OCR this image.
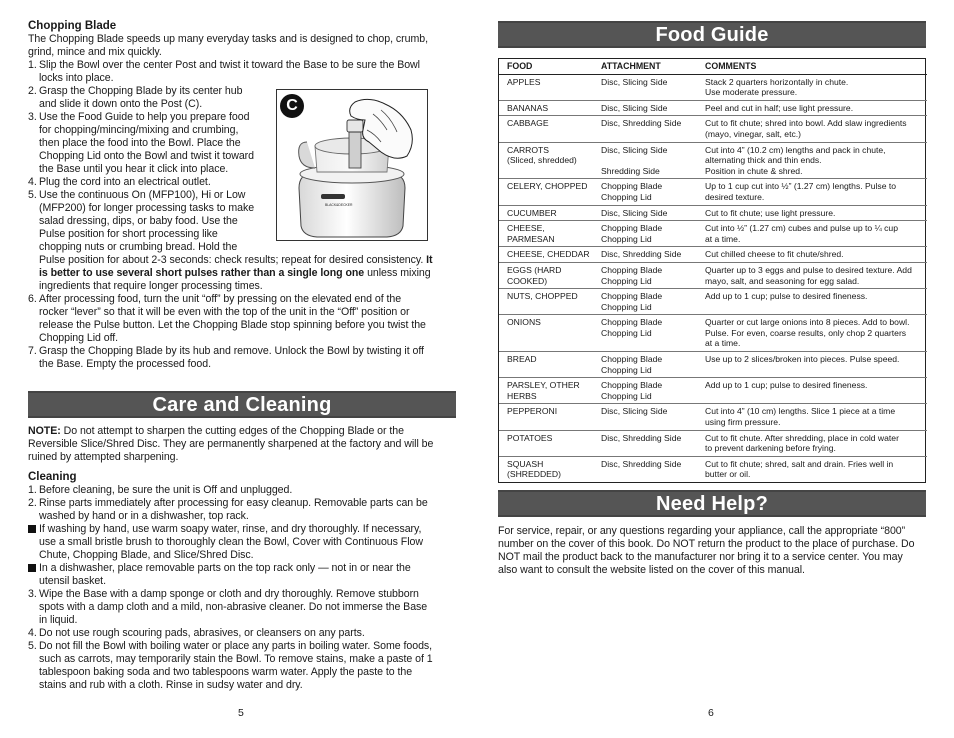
Chopping Blade
The Chopping Blade speeds up many everyday tasks and is designed to chop, crumb, grind, mince and mix quickly.
1. Slip the Bowl over the center Post and twist it toward the Base to be sure the Bowl
locks into place.
2. Grasp the Chopping Blade by its center hub
and slide it down onto the Post (C).
3. Use the Food Guide to help you prepare food
for chopping/mincing/mixing and crumbing,
then place the food into the Bowl. Place the
Chopping Lid onto the Bowl and twist it toward
the Base until you hear it click into place.
4. Plug the cord into an electrical outlet.
5. Use the continuous On (MFP100), Hi or Low
(MFP200) for longer processing tasks to make
salad dressing, dips, or baby food. Use the
Pulse position for short processing like
chopping nuts or crumbing bread. Hold the
Pulse position for about 2-3 seconds: check results; repeat for desired consistency. It
is better to use several short pulses rather than a single long one unless mixing
ingredients that require longer processing times.
6. After processing food, turn the unit “off” by pressing on the elevated end of the
rocker “lever” so that it will be even with the top of the unit in the “Off” position or
release the Pulse button. Let the Chopping Blade stop spinning before you twist the
Chopping Lid off.
7. Grasp the Chopping Blade by its hub and remove. Unlock the Bowl by twisting it off
the Base. Empty the processed food.
C
BLACK&DECKER
Care and Cleaning
NOTE: Do not attempt to sharpen the cutting edges of the Chopping Blade or the Reversible Slice/Shred Disc. They are permanently sharpened at the factory and will be ruined by attempted sharpening.
Cleaning
1. Before cleaning, be sure the unit is Off and unplugged.
2. Rinse parts immediately after processing for easy cleanup. Removable parts can be
washed by hand or in a dishwasher, top rack.
If washing by hand, use warm soapy water, rinse, and dry thoroughly. If necessary,
use a small bristle brush to thoroughly clean the Bowl, Cover with Continuous Flow
Chute, Chopping Blade, and Slice/Shred Disc.
In a dishwasher, place removable parts on the top rack only — not in or near the
utensil basket.
3. Wipe the Base with a damp sponge or cloth and dry thoroughly. Remove stubborn
spots with a damp cloth and a mild, non-abrasive cleaner. Do not immerse the Base
in liquid.
4. Do not use rough scouring pads, abrasives, or cleansers on any parts.
5. Do not fill the Bowl with boiling water or place any parts in boiling water. Some foods,
such as carrots, may temporarily stain the Bowl. To remove stains, make a paste of 1
tablespoon baking soda and two tablespoons warm water. Apply the paste to the
stains and rub with a cloth. Rinse in sudsy water and dry.
5
Food Guide
FOOD	ATTACHMENT	COMMENTS

APPLES	Disc, Slicing Side	Stack 2 quarters horizontally in chute.
Use moderate pressure.

BANANAS	Disc, Slicing Side	Peel and cut in half; use light pressure.

CABBAGE	Disc, Shredding Side	Cut to fit chute; shred into bowl. Add slaw ingredients
(mayo, vinegar, salt, etc.)

CARROTS
(Sliced, shredded)	Disc, Slicing Side
Shredding Side	Cut into 4” (10.2 cm) lengths and pack in chute,
alternating thick and thin ends.
Position in chute & shred.

CELERY, CHOPPED	Chopping Blade
Chopping Lid	Up to 1 cup cut into ½” (1.27 cm) lengths. Pulse to
desired texture.

CUCUMBER	Disc, Slicing Side	Cut to fit chute; use light pressure.

CHEESE, PARMESAN	Chopping Blade
Chopping Lid	Cut into ½” (1.27 cm) cubes and pulse up to ¼ cup
at a time.

CHEESE, CHEDDAR	Disc, Shredding Side	Cut chilled cheese to fit chute/shred.

EGGS (HARD COOKED)	Chopping Blade
Chopping Lid	Quarter up to 3 eggs and pulse to desired texture. Add
mayo, salt, and seasoning for egg salad.

NUTS, CHOPPED	Chopping Blade
Chopping Lid	Add up to 1 cup; pulse to desired fineness.

ONIONS	Chopping Blade
Chopping Lid	Quarter or cut large onions into 8 pieces. Add to bowl.
Pulse. For even, coarse results, only chop 2 quarters
at a time.

BREAD	Chopping Blade
Chopping Lid	Use up to 2 slices/broken into pieces. Pulse speed.

PARSLEY, OTHER
HERBS	Chopping Blade
Chopping Lid	Add up to 1 cup; pulse to desired fineness.

PEPPERONI	Disc, Slicing Side	Cut into 4” (10 cm) lengths. Slice 1 piece at a time
using firm pressure.

POTATOES	Disc, Shredding Side	Cut to fit chute. After shredding, place in cold water
to prevent darkening before frying.

SQUASH (SHREDDED)	Disc, Shredding Side	Cut to fit chute; shred, salt and drain. Fries well in
butter or oil.
Need Help?
For service, repair, or any questions regarding your appliance, call the appropriate “800” number on the cover of this book. Do NOT return the product to the place of purchase. Do NOT mail the product back to the manufacturer nor bring it to a service center. You may also want to consult the website listed on the cover of this manual.
6
